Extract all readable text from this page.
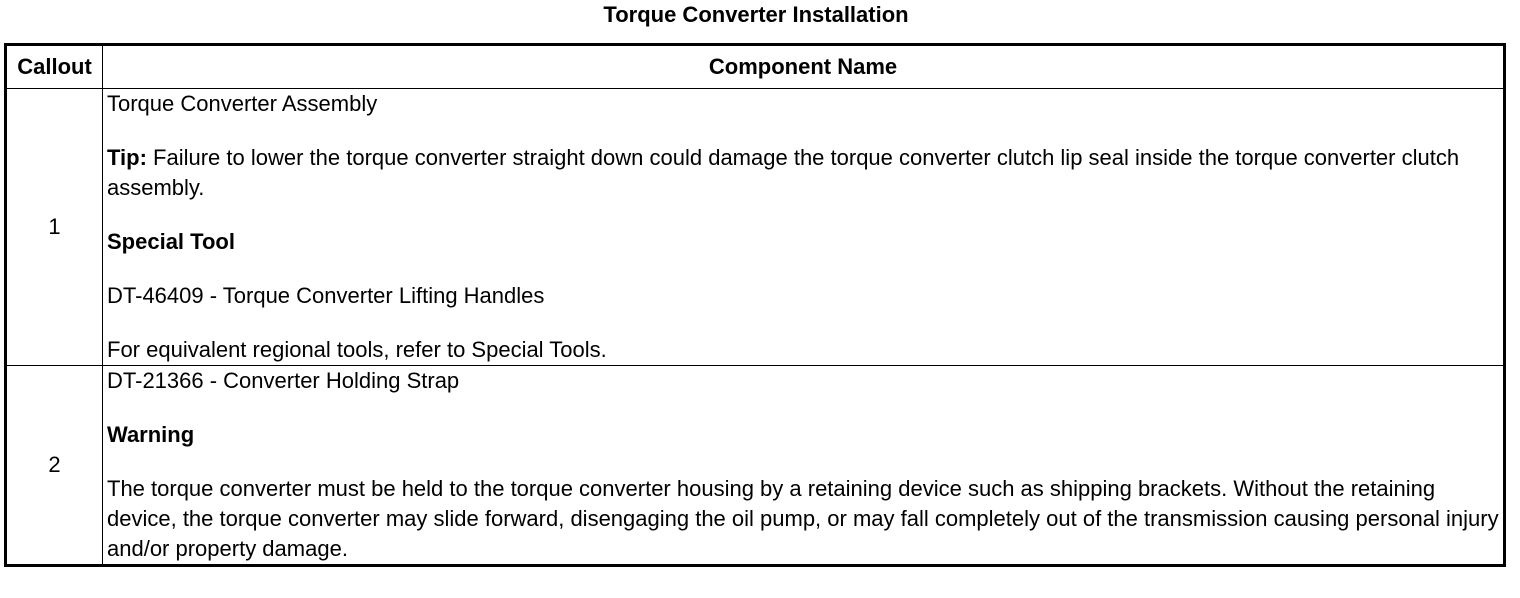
Torque Converter Installation
Callout	Component Name
1	Torque Converter Assembly

Tip: Failure to lower the torque converter straight down could damage the torque converter clutch lip seal inside the torque converter clutch assembly.

Special Tool

DT-46409 - Torque Converter Lifting Handles

For equivalent regional tools, refer to Special Tools.

2	DT-21366 - Converter Holding Strap

Warning

The torque converter must be held to the torque converter housing by a retaining device such as shipping brackets. Without the retaining device, the torque converter may slide forward, disengaging the oil pump, or may fall completely out of the transmission causing personal injury and/or property damage.
